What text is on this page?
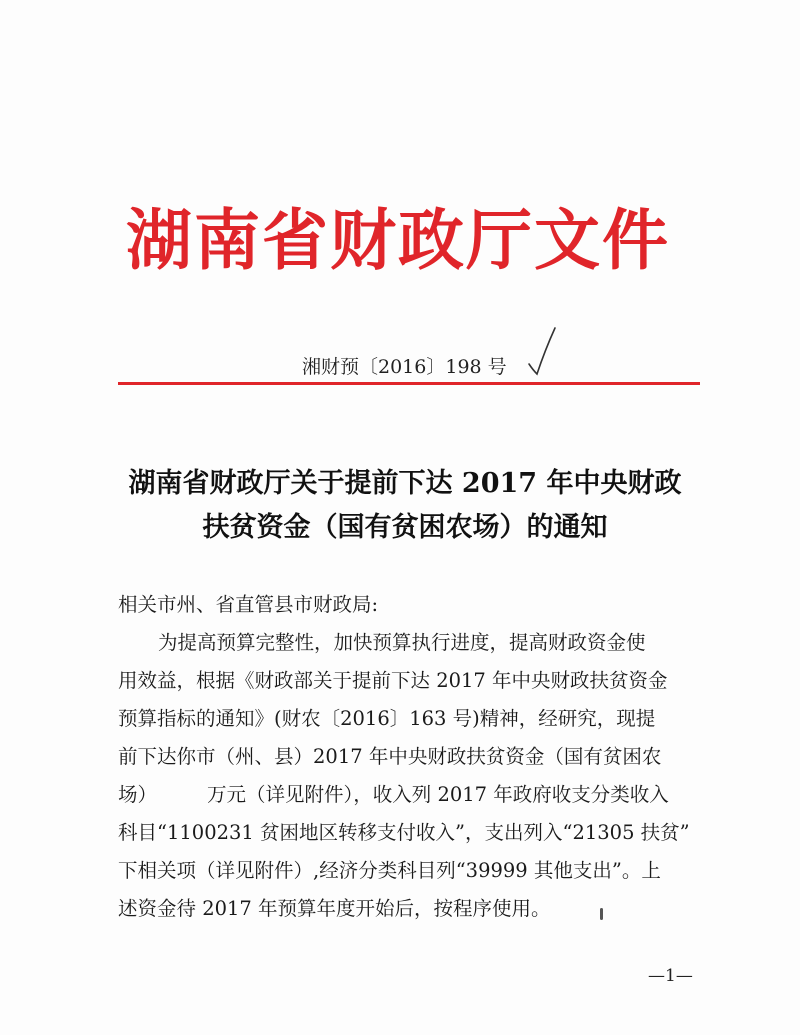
湖南省财政厅文件
湘财预〔2016〕198 号
湖南省财政厅关于提前下达 2017 年中央财政
扶贫资金（国有贫困农场）的通知

相关市州、省直管县市财政局:

为提高预算完整性，加快预算执行进度，提高财政资金使

用效益，根据《财政部关于提前下达 2017 年中央财政扶贫资金

预算指标的通知》(财农〔2016〕163 号)精神，经研究，现提

前下达你市（州、县）2017 年中央财政扶贫资金（国有贫困农

场）	万元（详见附件），收入列 2017 年政府收支分类收入

科目“1100231 贫困地区转移支付收入”，支出列入“21305 扶贫”

下相关项（详见附件）,经济分类科目列“39999 其他支出”。上

述资金待 2017 年预算年度开始后，按程序使用。

—1—
